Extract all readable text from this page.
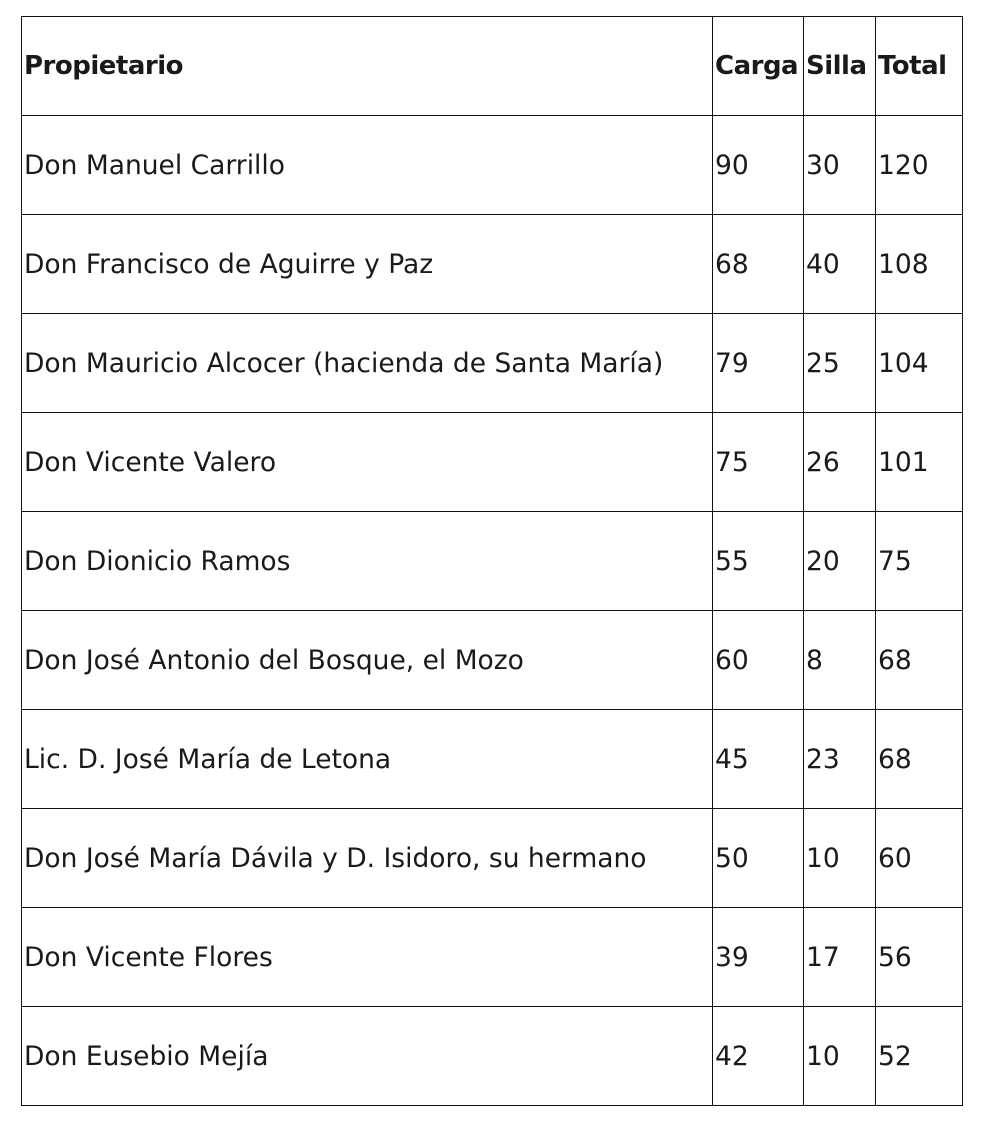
Propietario	Carga	Silla	Total
Don Manuel Carrillo	90	30	120
Don Francisco de Aguirre y Paz	68	40	108
Don Mauricio Alcocer (hacienda de Santa María)	79	25	104
Don Vicente Valero	75	26	101
Don Dionicio Ramos	55	20	75
Don José Antonio del Bosque, el Mozo	60	8	68
Lic. D. José María de Letona	45	23	68
Don José María Dávila y D. Isidoro, su hermano	50	10	60
Don Vicente Flores	39	17	56
Don Eusebio Mejía	42	10	52
